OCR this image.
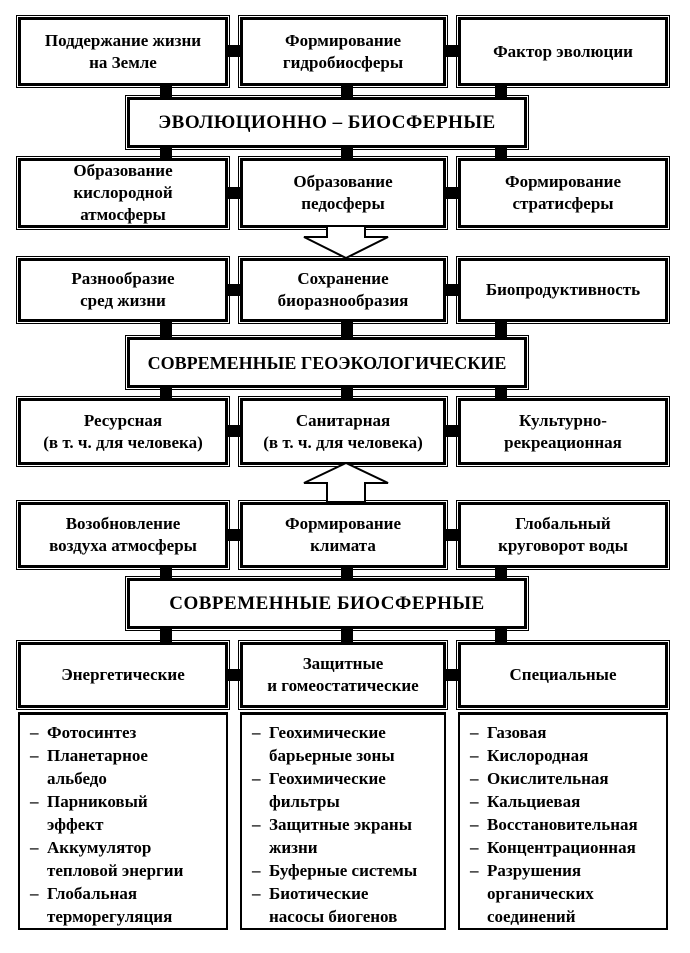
Поддержание жизни
на Земле
Формирование
гидробиосферы
Фактор эволюции
ЭВОЛЮЦИОННО – БИОСФЕРНЫЕ
Образование
кислородной
атмосферы
Образование
педосферы
Формирование
стратисферы
Разнообразие
сред жизни
Сохранение
биоразнообразия
Биопродуктивность
СОВРЕМЕННЫЕ ГЕОЭКОЛОГИЧЕСКИЕ
Ресурсная
(в т. ч. для человека)
Санитарная
(в т. ч. для человека)
Культурно-
рекреационная
Возобновление
воздуха атмосферы
Формирование
климата
Глобальный
круговорот воды
СОВРЕМЕННЫЕ БИОСФЕРНЫЕ
Энергетические
Защитные
и гомеостатические
Специальные
– Фотосинтез
– Планетарное альбедо
– Парниковый эффект
– Аккумулятор тепловой энергии
– Глобальная терморегуляция
– Геохимические барьерные зоны
– Геохимические фильтры
– Защитные экраны жизни
– Буферные системы
– Биотические насосы биогенов
– Газовая
– Кислородная
– Окислительная
– Кальциевая
– Восстановительная
– Концентрационная
– Разрушения органических соединений
